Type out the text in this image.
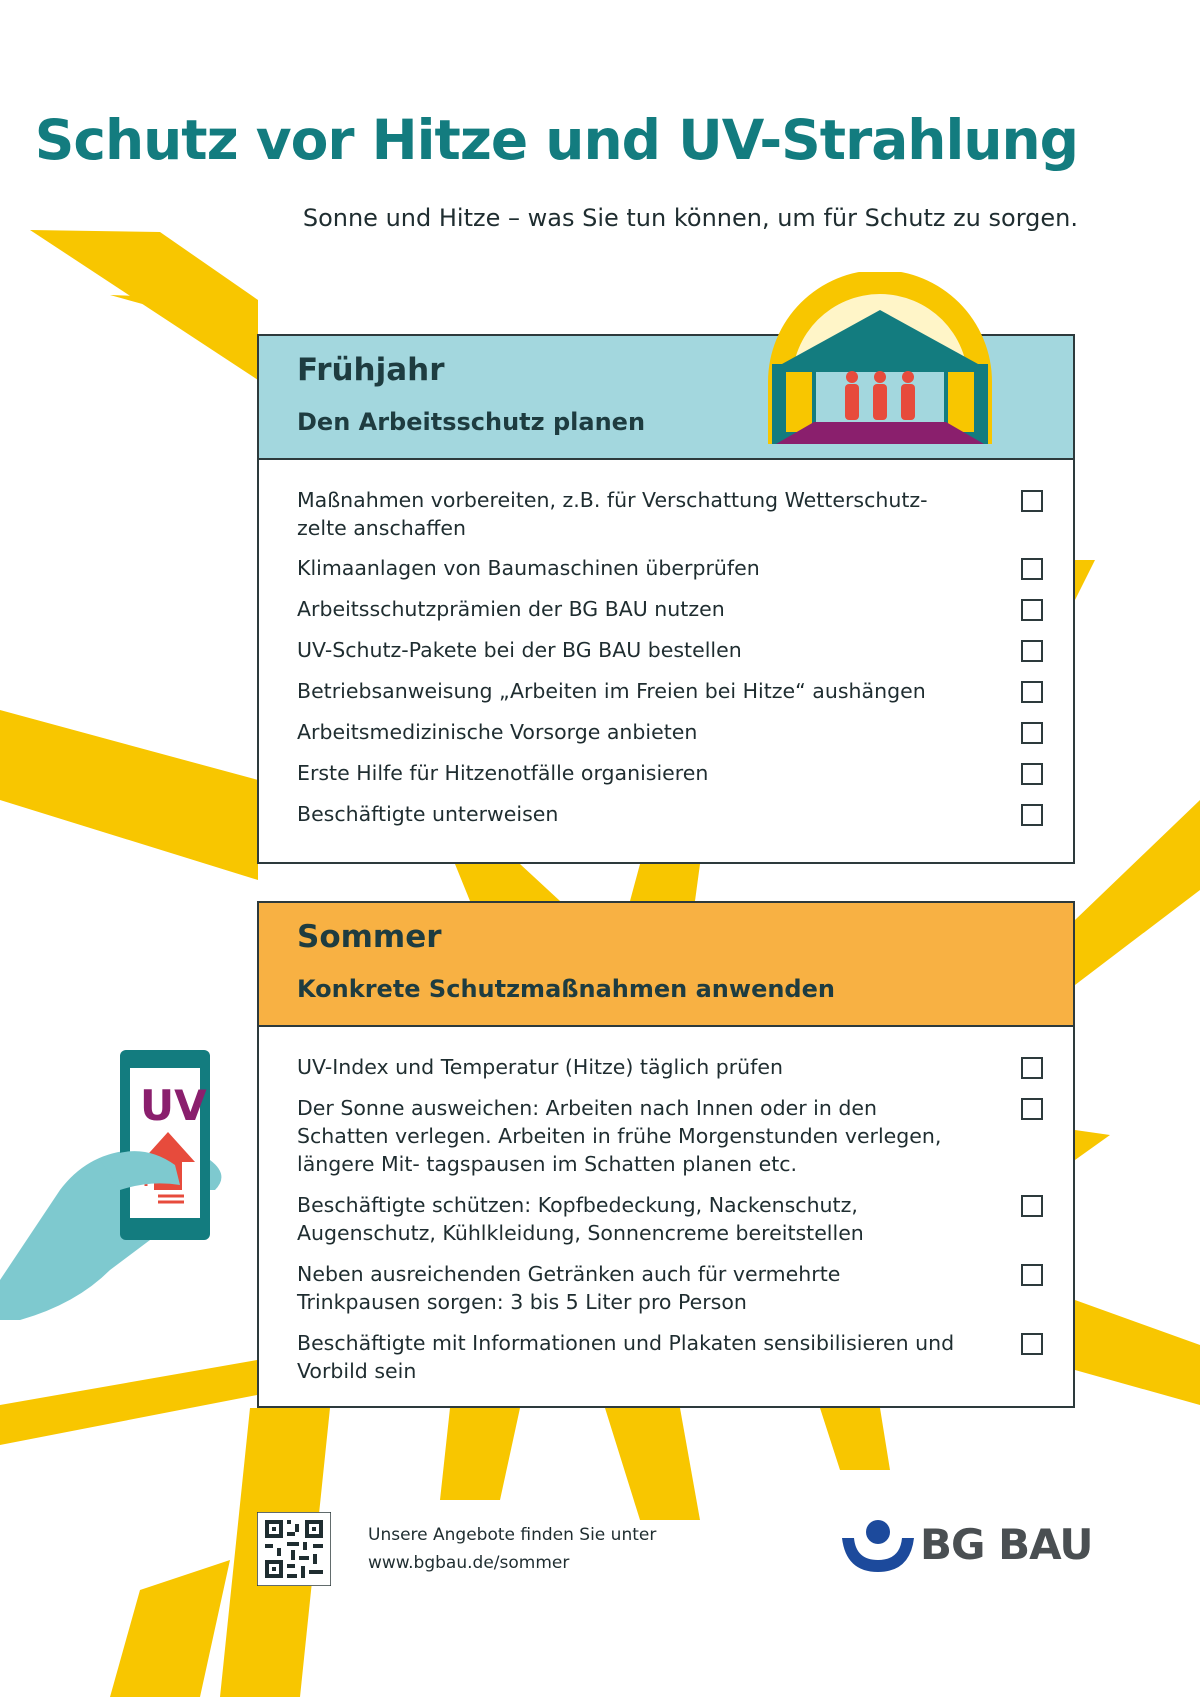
UV
Schutz vor Hitze und UV-Strahlung
Sonne und Hitze – was Sie tun können, um für Schutz zu sorgen.
Frühjahr
Den Arbeitsschutz planen
Maßnahmen vorbereiten, z.B. für Verschattung Wetterschutz- zelte anschaffen
Klimaanlagen von Baumaschinen überprüfen
Arbeitsschutzprämien der BG BAU nutzen
UV-Schutz-Pakete bei der BG BAU bestellen
Betriebsanweisung „Arbeiten im Freien bei Hitze“ aushängen
Arbeitsmedizinische Vorsorge anbieten
Erste Hilfe für Hitzenotfälle organisieren
Beschäftigte unterweisen
Sommer
Konkrete Schutzmaßnahmen anwenden
UV-Index und Temperatur (Hitze) täglich prüfen
Der Sonne ausweichen: Arbeiten nach Innen oder in den Schatten verlegen. Arbeiten in frühe Morgenstunden verlegen, längere Mit- tagspausen im Schatten planen etc.
Beschäftigte schützen: Kopfbedeckung, Nackenschutz, Augenschutz, Kühlkleidung, Sonnencreme bereitstellen
Neben ausreichenden Getränken auch für vermehrte Trinkpausen sorgen: 3 bis 5 Liter pro Person
Beschäftigte mit Informationen und Plakaten sensibilisieren und Vorbild sein
Unsere Angebote finden Sie unter
www.bgbau.de/sommer	BG BAU
